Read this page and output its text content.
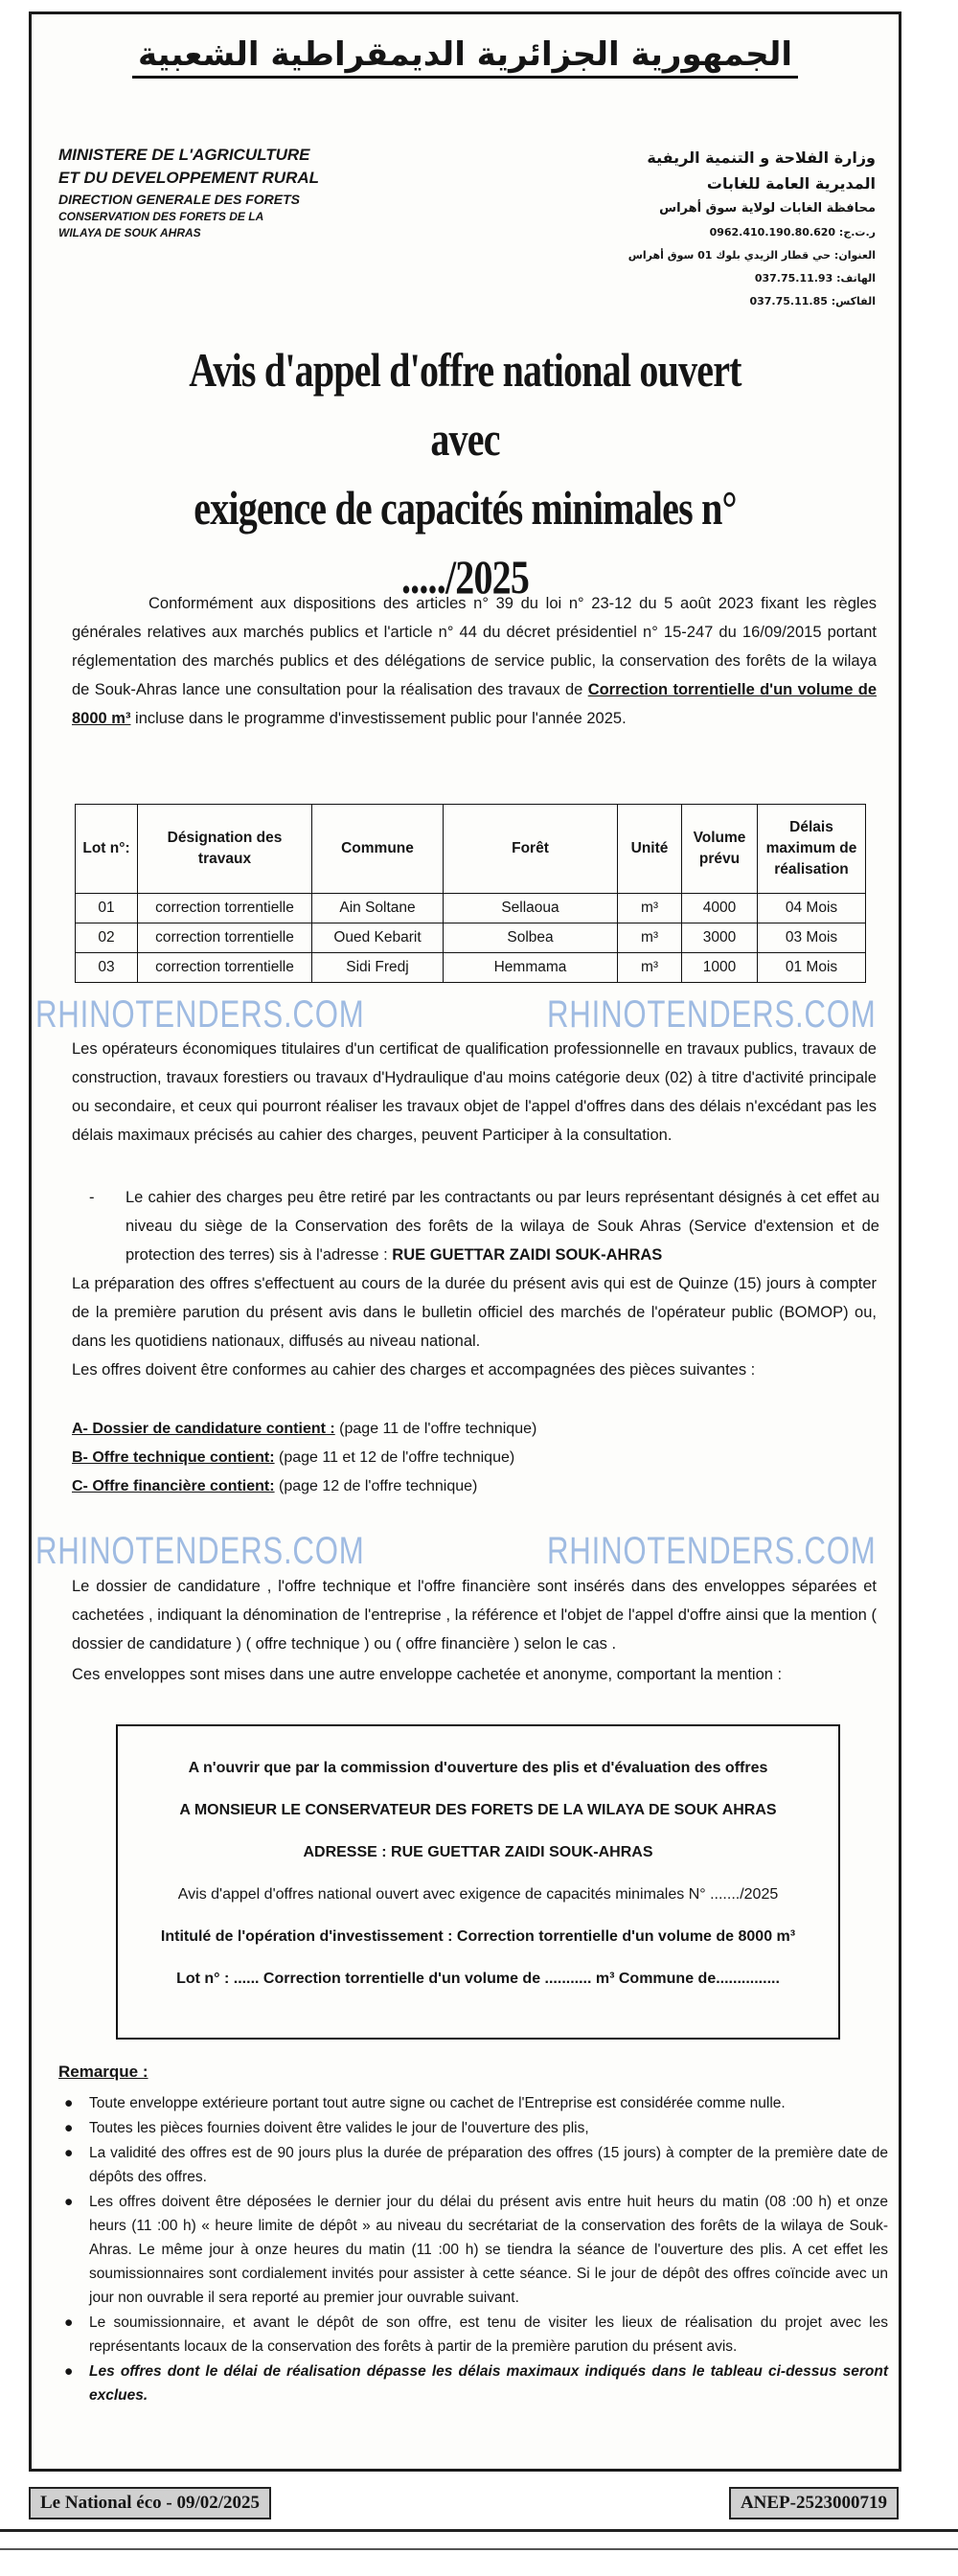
الجمهورية الجزائرية الديمقراطية الشعبية
MINISTERE DE L'AGRICULTURE
ET DU DEVELOPPEMENT RURAL
DIRECTION GENERALE DES FORETS
CONSERVATION DES FORETS DE LA
WILAYA DE SOUK AHRAS
وزارة الفلاحة و التنمية الريفية
المديرية العامة للغابات
محافظة الغابات لولاية سوق أهراس
ر.ت.ج: 0962.410.190.80.620
العنوان: حي قطار الزيدي بلوك 01 سوق أهراس
الهاتف: 037.75.11.93
الفاكس: 037.75.11.85
Avis d'appel d'offre national ouvert avec
exigence de capacités minimales n° ...../2025
Conformément aux dispositions des articles n° 39 du loi n° 23-12 du 5 août 2023 fixant les règles générales relatives aux marchés publics et l'article n° 44 du décret présidentiel n° 15-247 du 16/09/2015 portant réglementation des marchés publics et des délégations de service public, la conservation des forêts de la wilaya de Souk-Ahras lance une consultation pour la réalisation des travaux de Correction torrentielle d'un volume de 8000 m³ incluse dans le programme d'investissement public pour l'année 2025.
Lot n°:	Désignation des travaux	Commune	Forêt	Unité	Volume prévu	Délais maximum de réalisation
01	correction torrentielle	Ain Soltane	Sellaoua	m³	4000	04 Mois
02	correction torrentielle	Oued Kebarit	Solbea	m³	3000	03 Mois
03	correction torrentielle	Sidi Fredj	Hemmama	m³	1000	01 Mois
RHINOTENDERS.COM	RHINOTENDERS.COM
Les opérateurs économiques titulaires d'un certificat de qualification professionnelle en travaux publics, travaux de construction, travaux forestiers ou travaux d'Hydraulique d'au moins catégorie deux (02) à titre d'activité principale ou secondaire, et ceux qui pourront réaliser les travaux objet de l'appel d'offres dans des délais n'excédant pas les délais maximaux précisés au cahier des charges, peuvent Participer à la consultation.
- Le cahier des charges peu être retiré par les contractants ou par leurs représentant désignés à cet effet au niveau du siège de la Conservation des forêts de la wilaya de Souk Ahras (Service d'extension et de protection des terres) sis à l'adresse : RUE GUETTAR ZAIDI SOUK-AHRAS
La préparation des offres s'effectuent au cours de la durée du présent avis qui est de Quinze (15) jours à compter de la première parution du présent avis dans le bulletin officiel des marchés de l'opérateur public (BOMOP) ou, dans les quotidiens nationaux, diffusés au niveau national.
Les offres doivent être conformes au cahier des charges et accompagnées des pièces suivantes :
A- Dossier de candidature contient : (page 11 de l'offre technique)
B- Offre technique contient: (page 11 et 12 de l'offre technique)
C- Offre financière contient: (page 12 de l'offre technique)
RHINOTENDERS.COM	RHINOTENDERS.COM
Le dossier de candidature , l'offre technique et l'offre financière sont insérés dans des enveloppes séparées et cachetées , indiquant la dénomination de l'entreprise , la référence et l'objet de l'appel d'offre ainsi que la mention ( dossier de candidature ) ( offre technique ) ou ( offre financière ) selon le cas .
Ces enveloppes sont mises dans une autre enveloppe cachetée et anonyme, comportant la mention :
A n'ouvrir que par la commission d'ouverture des plis et d'évaluation des offres
A MONSIEUR LE CONSERVATEUR DES FORETS DE LA WILAYA DE SOUK AHRAS
ADRESSE : RUE GUETTAR ZAIDI SOUK-AHRAS
Avis d'appel d'offres national ouvert avec exigence de capacités minimales N° ......./2025
Intitulé de l'opération d'investissement : Correction torrentielle d'un volume de 8000 m³
Lot n° : ...... Correction torrentielle d'un volume de ........... m³ Commune de...............
Remarque :
● Toute enveloppe extérieure portant tout autre signe ou cachet de l'Entreprise est considérée comme nulle.
● Toutes les pièces fournies doivent être valides le jour de l'ouverture des plis,
● La validité des offres est de 90 jours plus la durée de préparation des offres (15 jours) à compter de la première date de dépôts des offres.
● Les offres doivent être déposées le dernier jour du délai du présent avis entre huit heurs du matin (08 :00 h) et onze heurs (11 :00 h) « heure limite de dépôt » au niveau du secrétariat de la conservation des forêts de la wilaya de Souk-Ahras. Le même jour à onze heures du matin (11 :00 h) se tiendra la séance de l'ouverture des plis. A cet effet les soumissionnaires sont cordialement invités pour assister à cette séance. Si le jour de dépôt des offres coïncide avec un jour non ouvrable il sera reporté au premier jour ouvrable suivant.
● Le soumissionnaire, et avant le dépôt de son offre, est tenu de visiter les lieux de réalisation du projet avec les représentants locaux de la conservation des forêts à partir de la première parution du présent avis.
● Les offres dont le délai de réalisation dépasse les délais maximaux indiqués dans le tableau ci-dessus seront exclues.
Le National éco - 09/02/2025	ANEP-2523000719
